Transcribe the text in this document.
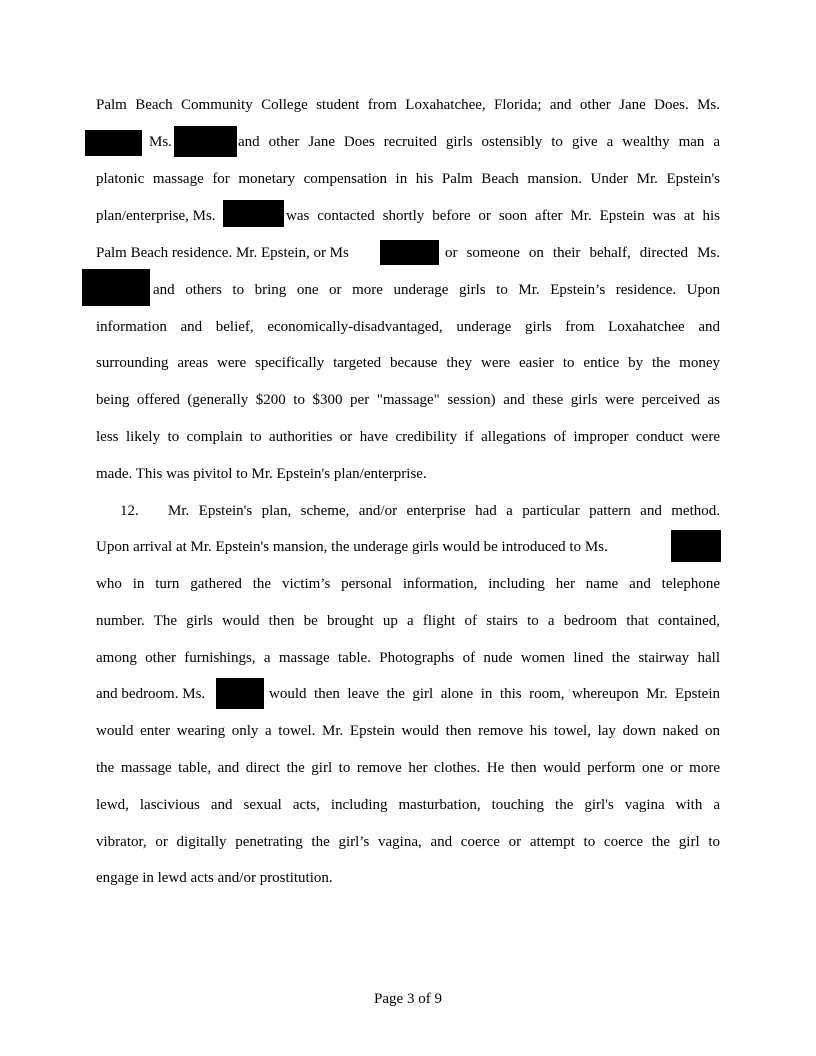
Palm Beach Community College student from Loxahatchee, Florida; and other Jane Does. Ms.
Ms.	and other Jane Does recruited girls ostensibly to give a wealthy man a
platonic massage for monetary compensation in his Palm Beach mansion. Under Mr. Epstein's
plan/enterprise, Ms.	was contacted shortly before or soon after Mr. Epstein was at his
Palm Beach residence. Mr. Epstein, or Ms	or someone on their behalf, directed Ms.
and others to bring one or more underage girls to Mr. Epstein’s residence. Upon
information and belief, economically-disadvantaged, underage girls from Loxahatchee and
surrounding areas were specifically targeted because they were easier to entice by the money
being offered (generally $200 to $300 per "massage" session) and these girls were perceived as
less likely to complain to authorities or have credibility if allegations of improper conduct were
made. This was pivitol to Mr. Epstein's plan/enterprise.
12. Mr. Epstein's plan, scheme, and/or enterprise had a particular pattern and method.
Upon arrival at Mr. Epstein's mansion, the underage girls would be introduced to Ms.
who in turn gathered the victim’s personal information, including her name and telephone
number. The girls would then be brought up a flight of stairs to a bedroom that contained,
among other furnishings, a massage table. Photographs of nude women lined the stairway hall
and bedroom. Ms.	would then leave the girl alone in this room, whereupon Mr. Epstein
would enter wearing only a towel. Mr. Epstein would then remove his towel, lay down naked on
the massage table, and direct the girl to remove her clothes. He then would perform one or more
lewd, lascivious and sexual acts, including masturbation, touching the girl's vagina with a
vibrator, or digitally penetrating the girl’s vagina, and coerce or attempt to coerce the girl to
engage in lewd acts and/or prostitution.
Page 3 of 9
